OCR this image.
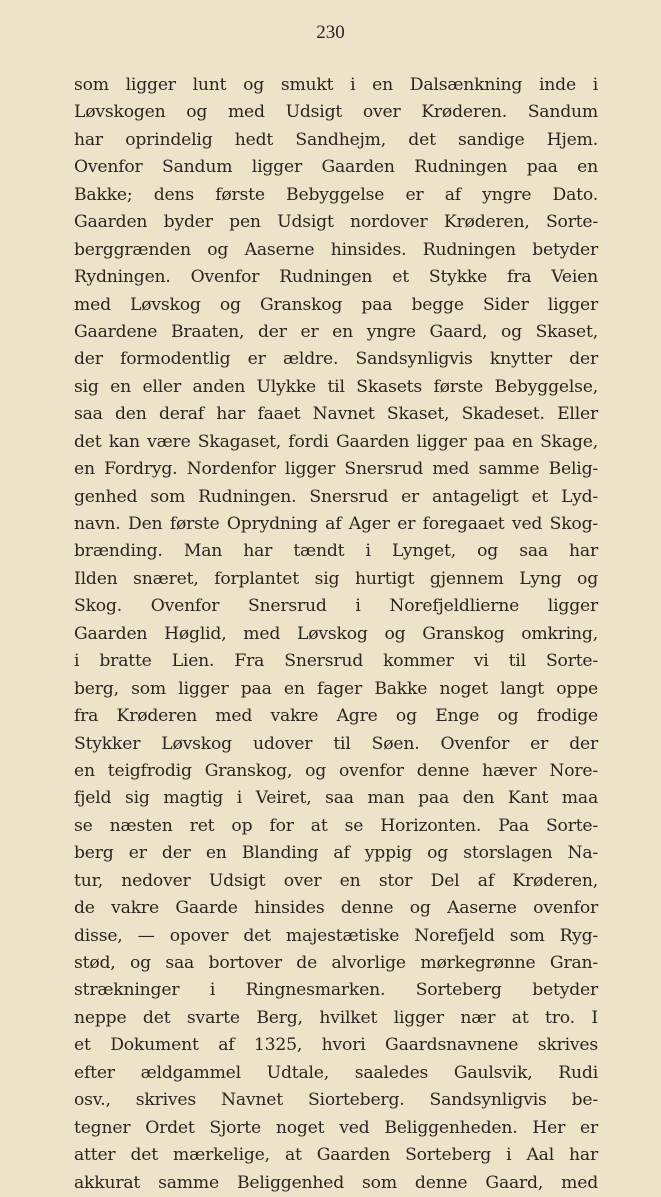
230
som ligger lunt og smukt i en Dalsænkning inde i
Løvskogen og med Udsigt over Krøderen. Sandum
har oprindelig hedt Sandhejm, det sandige Hjem.
Ovenfor Sandum ligger Gaarden Rudningen paa en
Bakke; dens første Bebyggelse er af yngre Dato.
Gaarden byder pen Udsigt nordover Krøderen, Sorte-
berggrænden og Aaserne hinsides. Rudningen betyder
Rydningen. Ovenfor Rudningen et Stykke fra Veien
med Løvskog og Granskog paa begge Sider ligger
Gaardene Braaten, der er en yngre Gaard, og Skaset,
der formodentlig er ældre. Sandsynligvis knytter der
sig en eller anden Ulykke til Skasets første Bebyggelse,
saa den deraf har faaet Navnet Skaset, Skadeset. Eller
det kan være Skagaset, fordi Gaarden ligger paa en Skage,
en Fordryg. Nordenfor ligger Snersrud med samme Belig-
genhed som Rudningen. Snersrud er antageligt et Lyd-
navn. Den første Oprydning af Ager er foregaaet ved Skog-
brænding. Man har tændt i Lynget, og saa har
Ilden snæret, forplantet sig hurtigt gjennem Lyng og
Skog. Ovenfor Snersrud i Norefjeldlierne ligger
Gaarden Høglid, med Løvskog og Granskog omkring,
i bratte Lien. Fra Snersrud kommer vi til Sorte-
berg, som ligger paa en fager Bakke noget langt oppe
fra Krøderen med vakre Agre og Enge og frodige
Stykker Løvskog udover til Søen. Ovenfor er der
en teigfrodig Granskog, og ovenfor denne hæver Nore-
fjeld sig magtig i Veiret, saa man paa den Kant maa
se næsten ret op for at se Horizonten. Paa Sorte-
berg er der en Blanding af yppig og storslagen Na-
tur, nedover Udsigt over en stor Del af Krøderen,
de vakre Gaarde hinsides denne og Aaserne ovenfor
disse, — opover det majestætiske Norefjeld som Ryg-
stød, og saa bortover de alvorlige mørkegrønne Gran-
strækninger i Ringnesmarken. Sorteberg betyder
neppe det svarte Berg, hvilket ligger nær at tro. I
et Dokument af 1325, hvori Gaardsnavnene skrives
efter ældgammel Udtale, saaledes Gaulsvik, Rudi
osv., skrives Navnet Siorteberg. Sandsynligvis be-
tegner Ordet Sjorte noget ved Beliggenheden. Her er
atter det mærkelige, at Gaarden Sorteberg i Aal har
akkurat samme Beliggenhed som denne Gaard, med
